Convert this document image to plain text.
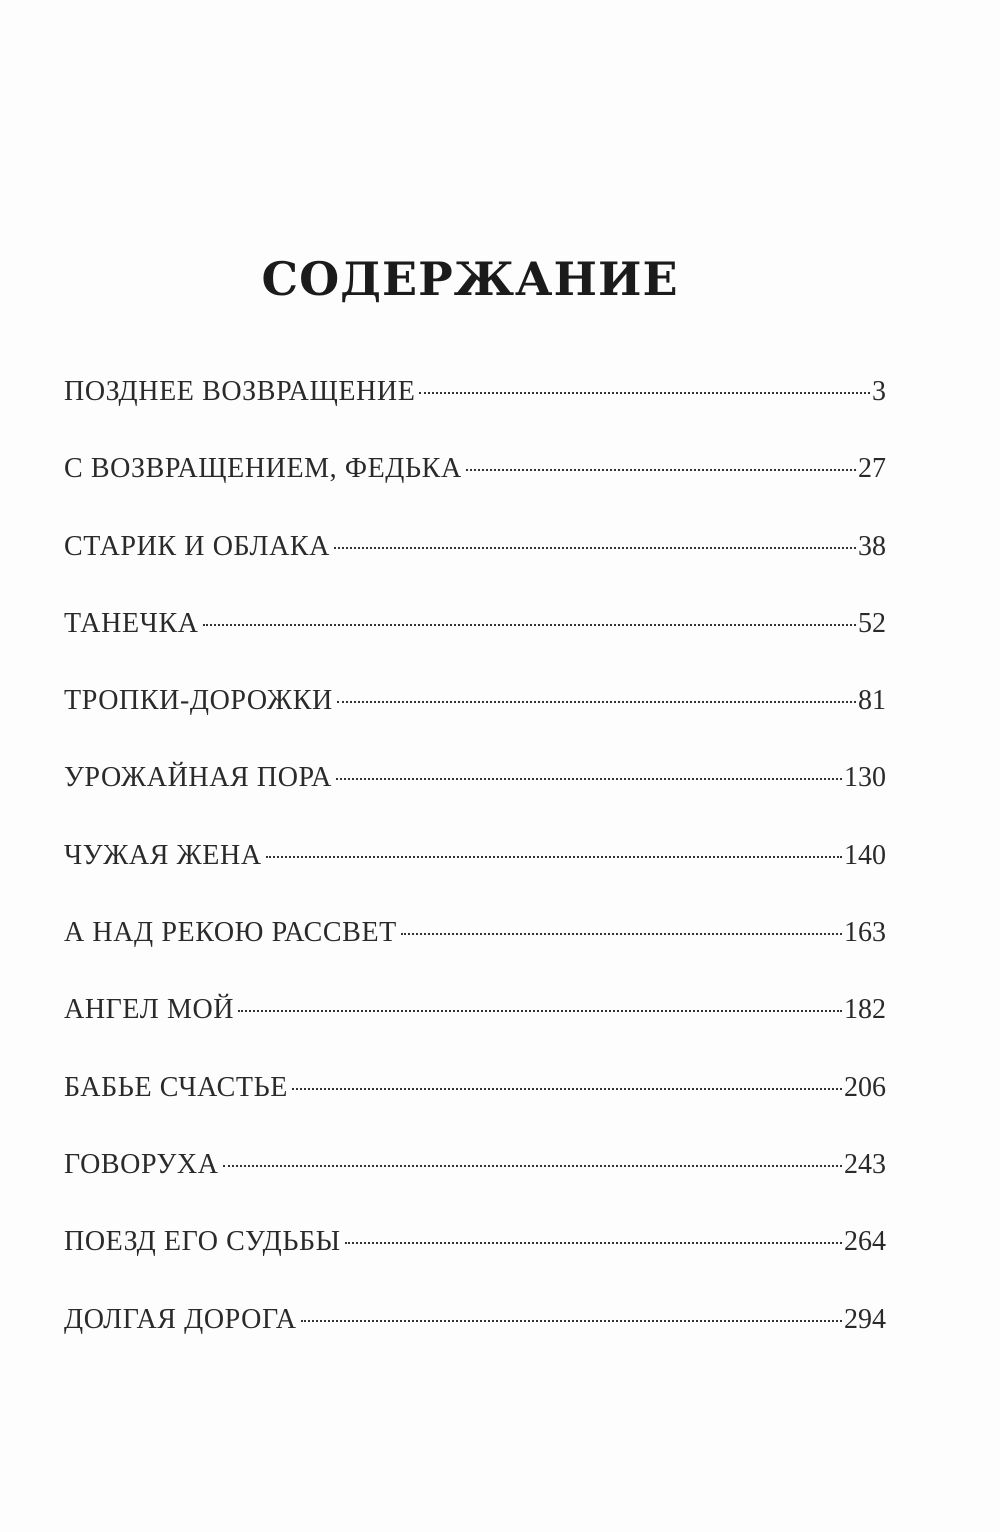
СОДЕРЖАНИЕ
ПОЗДНЕЕ ВОЗВРАЩЕНИЕ	3
С ВОЗВРАЩЕНИЕМ, ФЕДЬКА	27
СТАРИК И ОБЛАКА	38
ТАНЕЧКА	52
ТРОПКИ-ДОРОЖКИ	81
УРОЖАЙНАЯ ПОРА	130
ЧУЖАЯ ЖЕНА	140
А НАД РЕКОЮ РАССВЕТ	163
АНГЕЛ МОЙ	182
БАБЬЕ СЧАСТЬЕ	206
ГОВОРУХА	243
ПОЕЗД ЕГО СУДЬБЫ	264
ДОЛГАЯ ДОРОГА	294
